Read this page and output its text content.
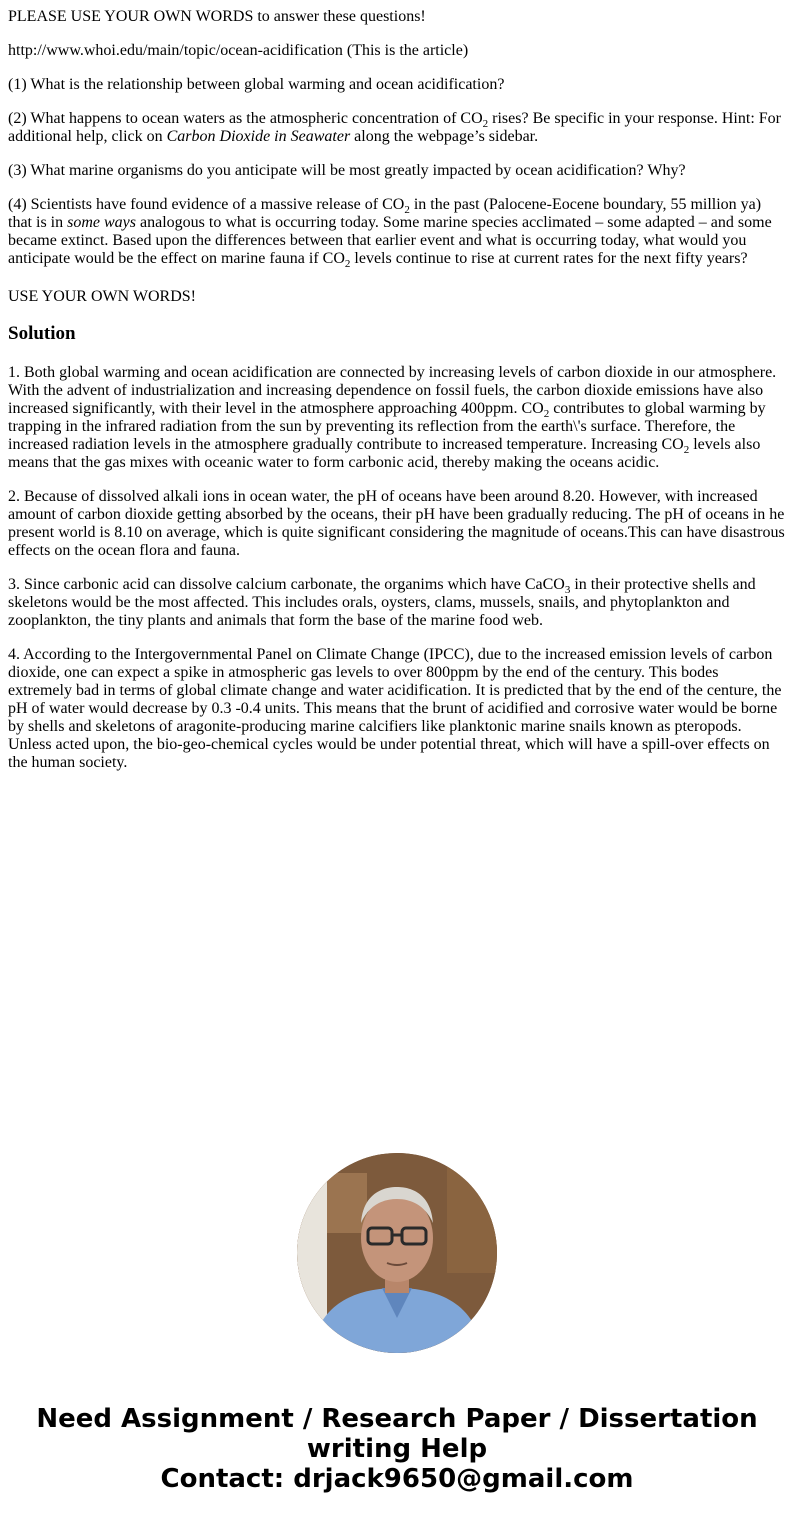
PLEASE USE YOUR OWN WORDS to answer these questions!

http://www.whoi.edu/main/topic/ocean-acidification (This is the article)

(1) What is the relationship between global warming and ocean acidification?

(2) What happens to ocean waters as the atmospheric concentration of $CO_2$ rises? Be specific in your response. Hint: For additional help, click on Carbon Dioxide in Seawater along the webpage’s sidebar.

(3) What marine organisms do you anticipate will be most greatly impacted by ocean acidification? Why?

(4) Scientists have found evidence of a massive release of $CO_2$ in the past (Palocene-Eocene boundary, 55 million ya) that is in some ways analogous to what is occurring today. Some marine species acclimated – some adapted – and some became extinct. Based upon the differences between that earlier event and what is occurring today, what would you anticipate would be the effect on marine fauna if $CO_2$ levels continue to rise at current rates for the next fifty years?

USE YOUR OWN WORDS!

Solution

1. Both global warming and ocean acidification are connected by increasing levels of carbon dioxide in our atmosphere. With the advent of industrialization and increasing dependence on fossil fuels, the carbon dioxide emissions have also increased significantly, with their level in the atmosphere approaching 400ppm. $CO_2$ contributes to global warming by trapping in the infrared radiation from the sun by preventing its reflection from the earth\'s surface. Therefore, the increased radiation levels in the atmosphere gradually contribute to increased temperature. Increasing $CO_2$ levels also means that the gas mixes with oceanic water to form carbonic acid, thereby making the oceans acidic.

2. Because of dissolved alkali ions in ocean water, the pH of oceans have been around 8.20. However, with increased amount of carbon dioxide getting absorbed by the oceans, their pH have been gradually reducing. The pH of oceans in he present world is 8.10 on average, which is quite significant considering the magnitude of oceans.This can have disastrous effects on the ocean flora and fauna.

3. Since carbonic acid can dissolve calcium carbonate, the organims which have CaCO$_3$ in their protective shells and skeletons would be the most affected. This includes orals, oysters, clams, mussels, snails, and phytoplankton and zooplankton, the tiny plants and animals that form the base of the marine food web.

4. According to the Intergovernmental Panel on Climate Change (IPCC), due to the increased emission levels of carbon dioxide, one can expect a spike in atmospheric gas levels to over 800ppm by the end of the century. This bodes extremely bad in terms of global climate change and water acidification. It is predicted that by the end of the centure, the pH of water would decrease by 0.3 -0.4 units. This means that the brunt of acidified and corrosive water would be borne by shells and skeletons of aragonite-producing marine calcifiers like planktonic marine snails known as pteropods. Unless acted upon, the bio-geo-chemical cycles would be under potential threat, which will have a spill-over effects on the human society.

Need Assignment / Research Paper / Dissertation writing Help
Contact: drjack9650@gmail.com
